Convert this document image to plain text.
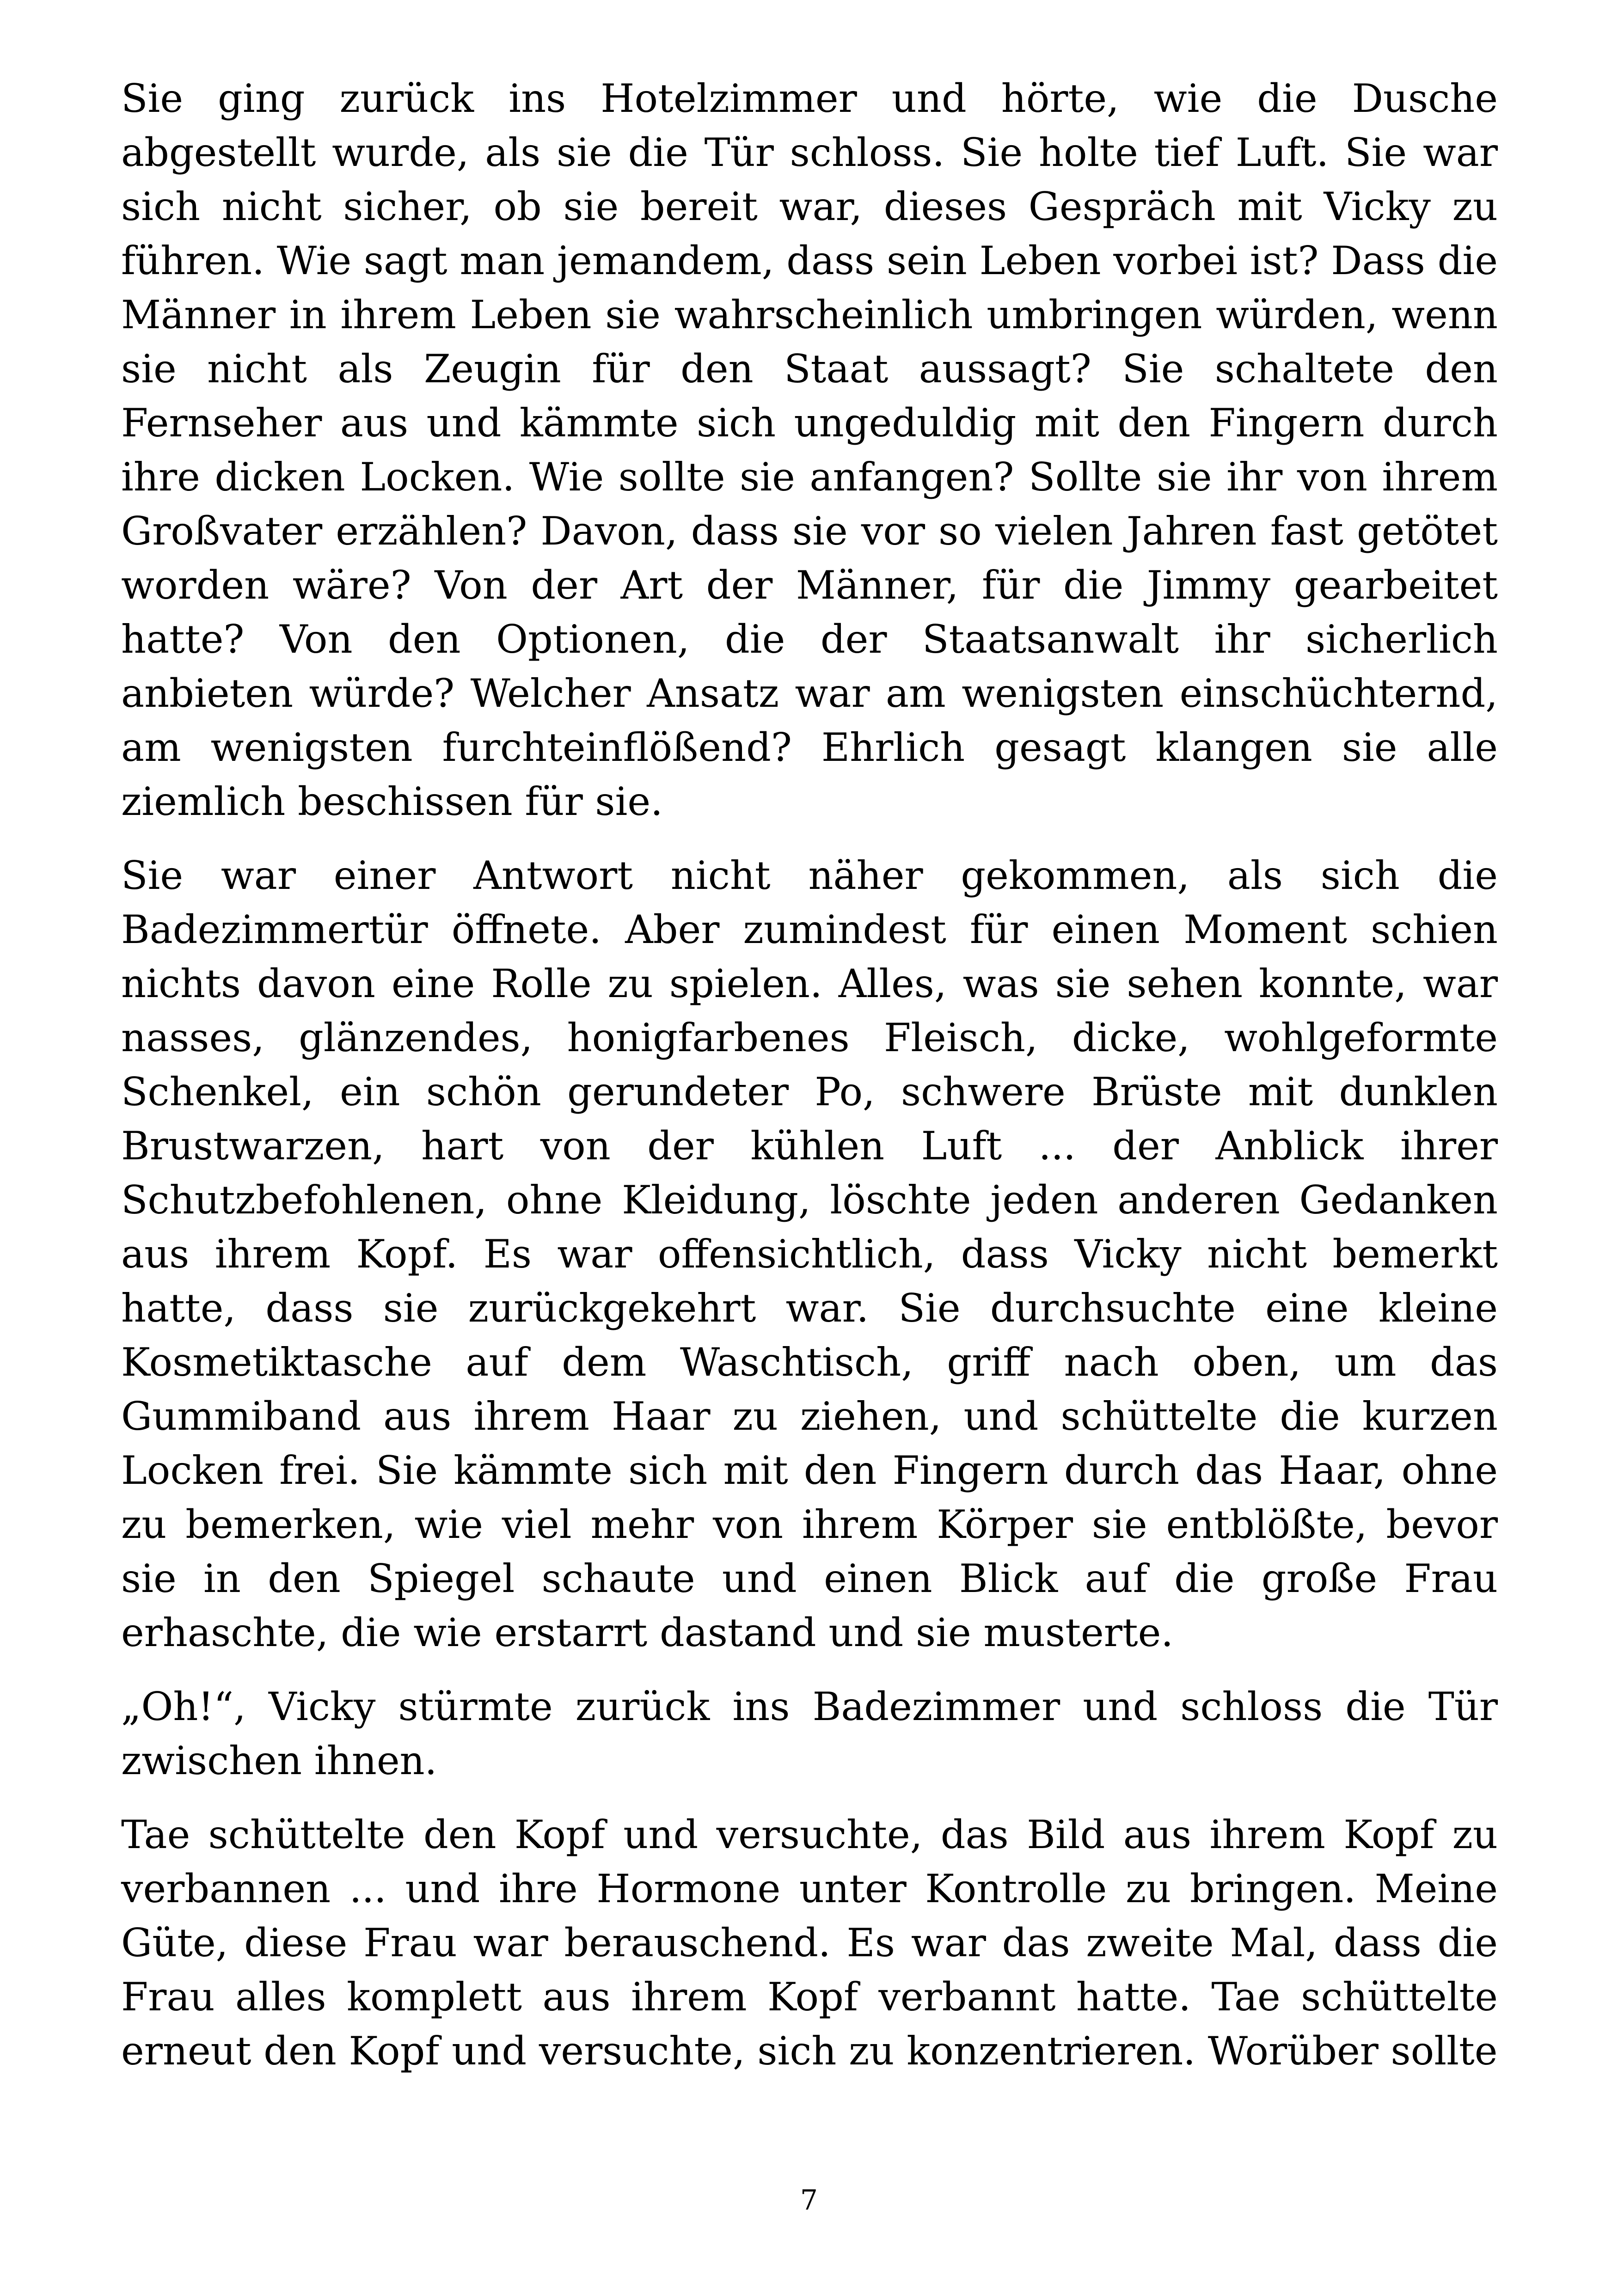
Sie ging zurück ins Hotelzimmer und hörte, wie die Dusche abgestellt wurde, als sie die Tür schloss. Sie holte tief Luft. Sie war sich nicht sicher, ob sie bereit war, dieses Gespräch mit Vicky zu führen. Wie sagt man jemandem, dass sein Leben vorbei ist? Dass die Männer in ihrem Leben sie wahrscheinlich umbringen würden, wenn sie nicht als Zeugin für den Staat aussagt? Sie schaltete den Fernseher aus und kämmte sich ungeduldig mit den Fingern durch ihre dicken Locken. Wie sollte sie anfangen? Sollte sie ihr von ihrem Großvater erzählen? Davon, dass sie vor so vielen Jahren fast getötet worden wäre? Von der Art der Männer, für die Jimmy gearbeitet hatte? Von den Optionen, die der Staatsanwalt ihr sicherlich anbieten würde? Welcher Ansatz war am wenigsten einschüchternd, am wenigsten furchteinflößend? Ehrlich gesagt klangen sie alle ziemlich beschissen für sie.

Sie war einer Antwort nicht näher gekommen, als sich die Badezimmertür öffnete. Aber zumindest für einen Moment schien nichts davon eine Rolle zu spielen. Alles, was sie sehen konnte, war nasses, glänzendes, honigfarbenes Fleisch, dicke, wohlgeformte Schenkel, ein schön gerundeter Po, schwere Brüste mit dunklen Brustwarzen, hart von der kühlen Luft ... der Anblick ihrer Schutzbefohlenen, ohne Kleidung, löschte jeden anderen Gedanken aus ihrem Kopf. Es war offensichtlich, dass Vicky nicht bemerkt hatte, dass sie zurückgekehrt war. Sie durchsuchte eine kleine Kosmetiktasche auf dem Waschtisch, griff nach oben, um das Gummiband aus ihrem Haar zu ziehen, und schüttelte die kurzen Locken frei. Sie kämmte sich mit den Fingern durch das Haar, ohne zu bemerken, wie viel mehr von ihrem Körper sie entblößte, bevor sie in den Spiegel schaute und einen Blick auf die große Frau erhaschte, die wie erstarrt dastand und sie musterte.

„Oh!“, Vicky stürmte zurück ins Badezimmer und schloss die Tür zwischen ihnen.

Tae schüttelte den Kopf und versuchte, das Bild aus ihrem Kopf zu verbannen ... und ihre Hormone unter Kontrolle zu bringen. Meine Güte, diese Frau war berauschend. Es war das zweite Mal, dass die Frau alles komplett aus ihrem Kopf verbannt hatte. Tae schüttelte erneut den Kopf und versuchte, sich zu konzentrieren. Worüber sollte

7
